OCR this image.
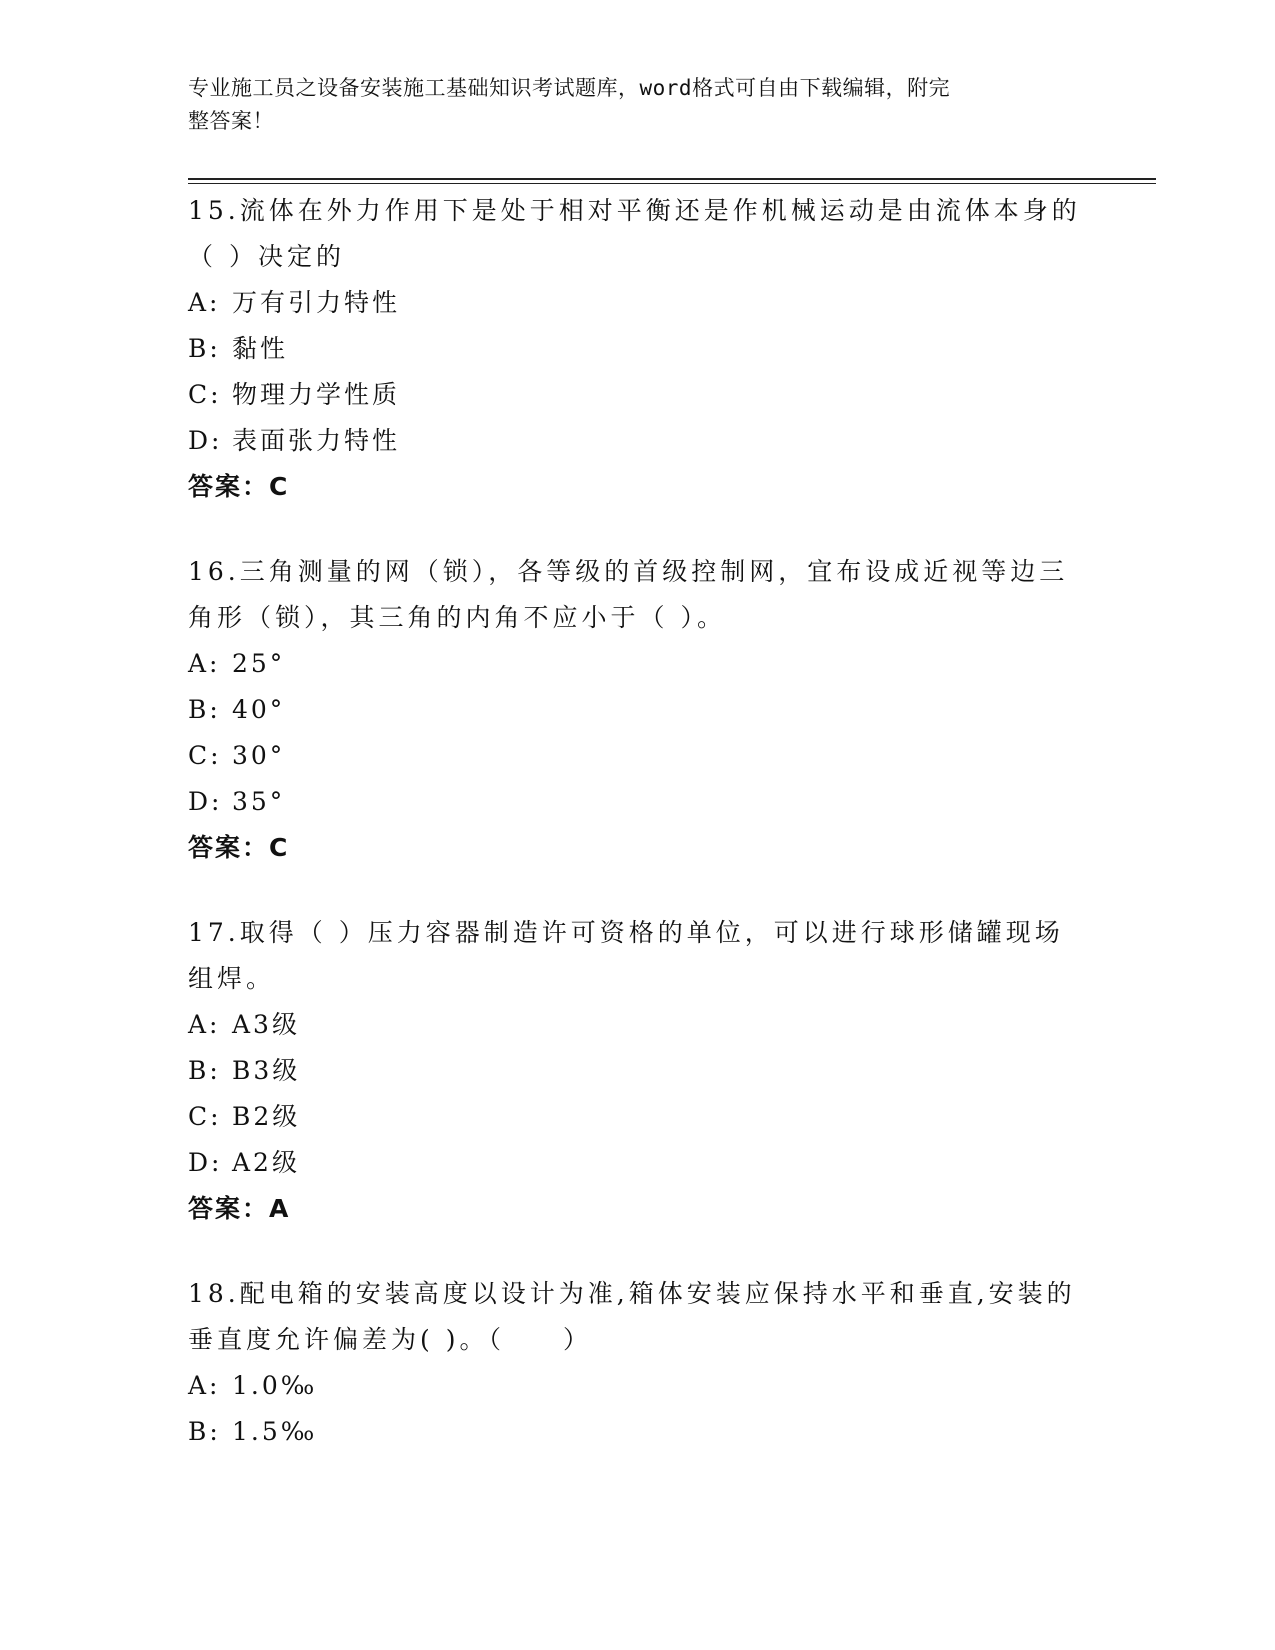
专业施工员之设备安装施工基础知识考试题库，word格式可自由下载编辑，附完
整答案！

15.流体在外力作用下是处于相对平衡还是作机械运动是由流体本身的
（ ）决定的

A: 万有引力特性

B: 黏性

C: 物理力学性质

D: 表面张力特性

答案：C

16.三角测量的网（锁），各等级的首级控制网，宜布设成近视等边三
角形（锁），其三角的内角不应小于（ ）。

A: 25°

B: 40°

C: 30°

D: 35°

答案：C

17.取得（ ）压力容器制造许可资格的单位，可以进行球形储罐现场
组焊。

A: A3级

B: B3级

C: B2级

D: A2级

答案：A

18.配电箱的安装高度以设计为准,箱体安装应保持水平和垂直,安装的
垂直度允许偏差为( )。（　　）

A: 1.0‰

B: 1.5‰
